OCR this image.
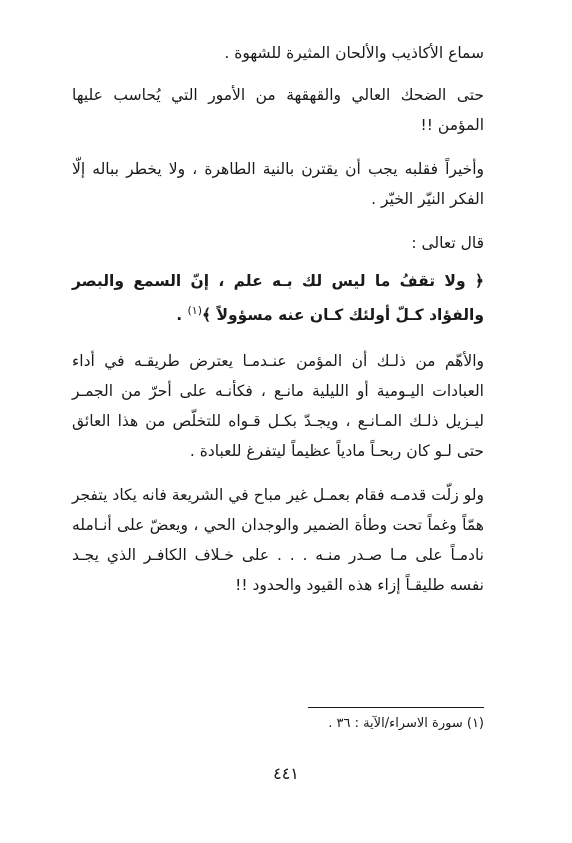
سماع الأكاذيب والألحان المثيرة للشهوة .

حتى الضحك العالي والقهقهة من الأمور التي يُحاسب عليها المؤمن !!

وأخيراً فقلبه يجب أن يقترن بالنية الطاهرة ، ولا يخطر بباله إلّا الفكر النيّر الخيّر .

قال تعالى :

﴿ ولا تقفُ ما ليس لك بـه علم ، إنّ السمع والبصر والفؤاد كـلّ أولئك كـان عنه مسؤولاً ﴾$^{(١)}$ .

والأهّم من ذلـك أن المؤمن عنـدمـا يعترض طريقـه في أداء العبادات اليـومية أو الليلية مانـع ، فكأنـه على أحرّ من الجمـر ليـزيل ذلـك المـانـع ، ويجـدّ بكـل قـواه للتخلّص من هذا العائق حتى لـو كان ربحـاً مادياً عظيماً ليتفرغ للعبادة .

ولو زلّت قدمـه فقام بعمـل غير مباح في الشريعة فانه يكاد يتفجر همّاً وغماً تحت وطأة الضمير والوجدان الحي ، ويعضّ على أنـامله نادمـاً على مـا صـدر منـه . . . على خـلاف الكافـر الذي يجـد نفسه طليقـاً إزاء هذه القيود والحدود !!

(١) سورة الاسراء/الآية : ٣٦ .
٤٤١
